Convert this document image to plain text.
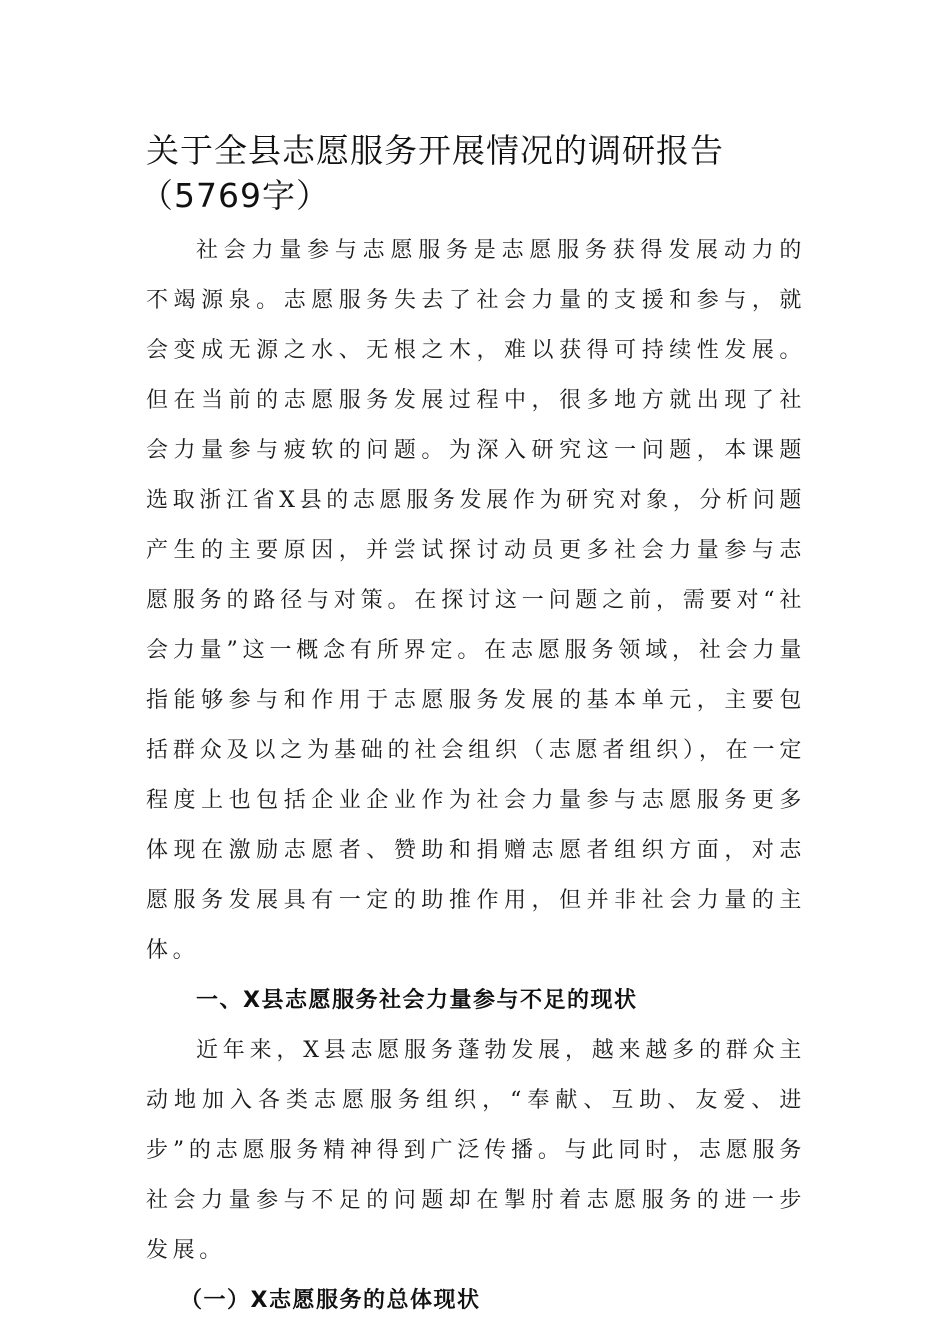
关于全县志愿服务开展情况的调研报告
（5769字）

社会力量参与志愿服务是志愿服务获得发展动力的不竭源泉。志愿服务失去了社会力量的支援和参与，就会变成无源之水、无根之木，难以获得可持续性发展。但在当前的志愿服务发展过程中，很多地方就出现了社会力量参与疲软的问题。为深入研究这一问题，本课题选取浙江省X县的志愿服务发展作为研究对象，分析问题产生的主要原因，并尝试探讨动员更多社会力量参与志愿服务的路径与对策。在探讨这一问题之前，需要对“社会力量”这一概念有所界定。在志愿服务领域，社会力量指能够参与和作用于志愿服务发展的基本单元，主要包括群众及以之为基础的社会组织（志愿者组织），在一定程度上也包括企业企业作为社会力量参与志愿服务更多体现在激励志愿者、赞助和捐赠志愿者组织方面，对志愿服务发展具有一定的助推作用，但并非社会力量的主体。

一、X县志愿服务社会力量参与不足的现状

近年来，X县志愿服务蓬勃发展，越来越多的群众主动地加入各类志愿服务组织，“奉献、互助、友爱、进步”的志愿服务精神得到广泛传播。与此同时，志愿服务社会力量参与不足的问题却在掣肘着志愿服务的进一步发展。

（一）X志愿服务的总体现状
